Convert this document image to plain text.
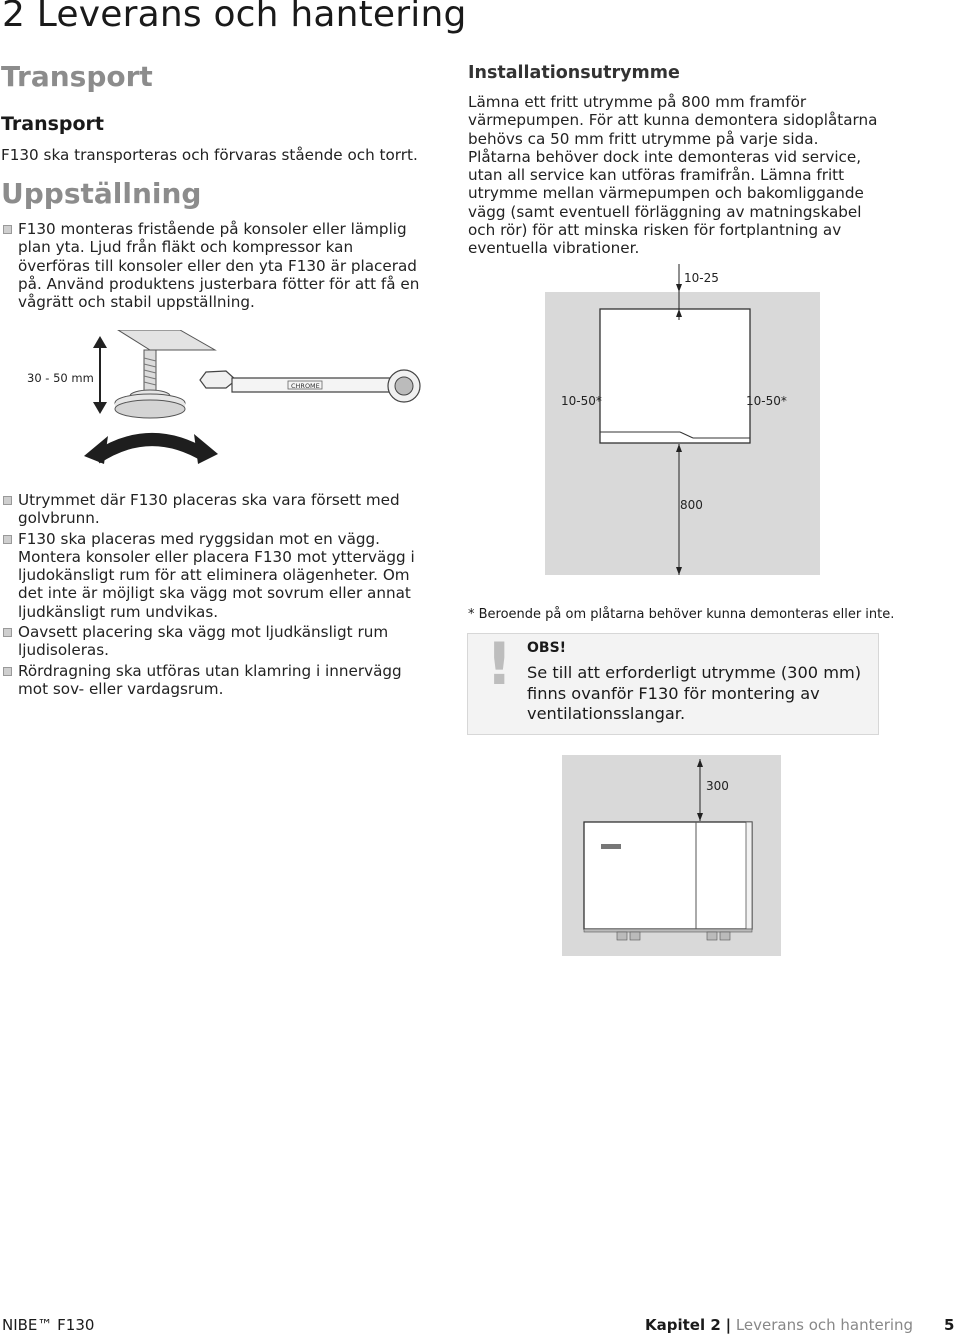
2 Leverans och hantering
Transport
Transport
F130 ska transporteras och förvaras stående och torrt.
Uppställning
F130 monteras fristående på konsoler eller lämplig plan yta. Ljud från fläkt och kompressor kan överföras till konsoler eller den yta F130 är placerad på. Använd produktens justerbara fötter för att få en vågrätt och stabil uppställning.
30 - 50 mm
CHROME
Utrymmet där F130 placeras ska vara försett med golvbrunn.
F130 ska placeras med ryggsidan mot en vägg. Montera konsoler eller placera F130 mot yttervägg i ljudokänsligt rum för att eliminera olägenheter. Om det inte är möjligt ska vägg mot sovrum eller annat ljudkänsligt rum undvikas.
Oavsett placering ska vägg mot ljudkänsligt rum ljudisoleras.
Rördragning ska utföras utan klamring i innervägg mot sov- eller vardagsrum.
Installationsutrymme
Lämna ett fritt utrymme på 800 mm framför värmepumpen. För att kunna demontera sidoplåtarna behövs ca 50 mm fritt utrymme på varje sida. Plåtarna behöver dock inte demonteras vid service, utan all service kan utföras framifrån. Lämna fritt utrymme mellan värmepumpen och bakomliggande vägg (samt eventuell förläggning av matningskabel och rör) för att minska risken för fortplantning av eventuella vibrationer.
10-25
10-50*	10-50*
800
* Beroende på om plåtarna behöver kunna demonteras eller inte.
! OBS!
Se till att erforderligt utrymme (300 mm) finns ovanför F130 för montering av ventilationsslangar.
300
NIBE™ F130	Kapitel 2 | Leverans och hantering 5
